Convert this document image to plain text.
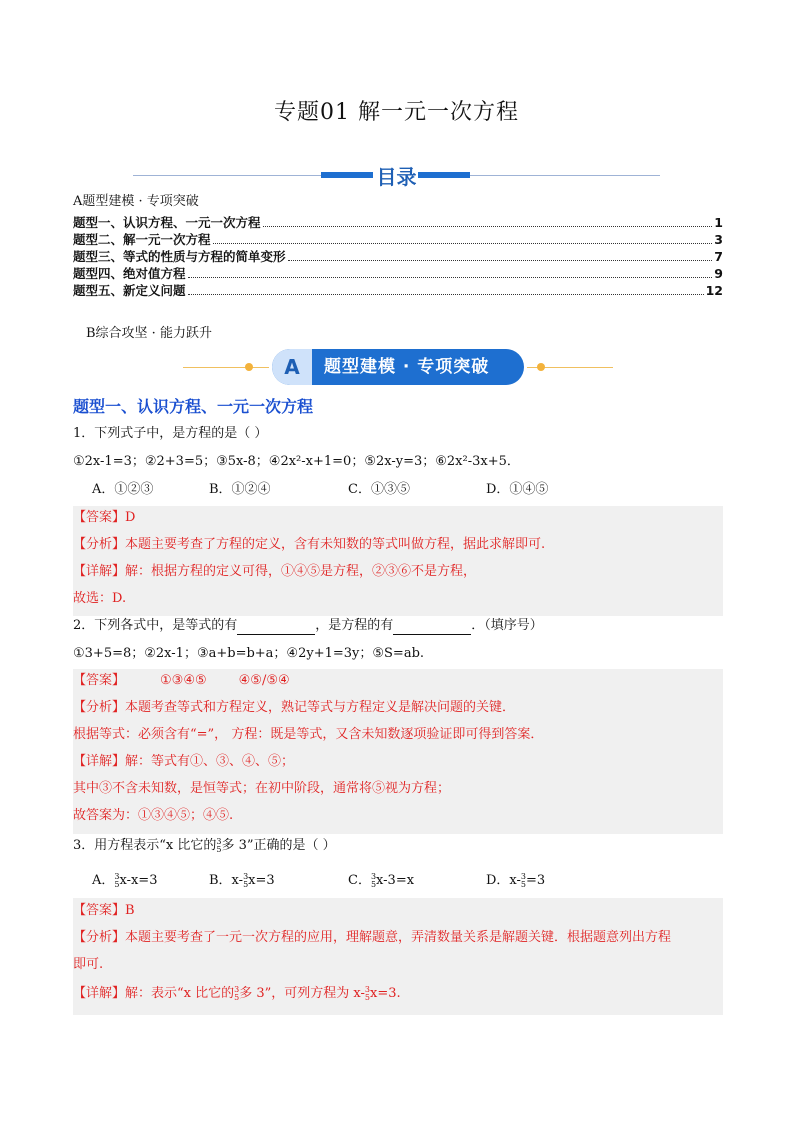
专题01 解一元一次方程
目录
A题型建模 · 专项突破
题型一、认识方程、一元一次方程	1
题型二、解一元一次方程	3
题型三、等式的性质与方程的简单变形	7
题型四、绝对值方程	9
题型五、新定义问题	12
B综合攻坚 · 能力跃升
A	题型建模 · 专项突破
题型一、认识方程、一元一次方程
1．下列式子中，是方程的是（ ）
①2x-1=3；②2+3=5；③5x-8；④2x²-x+1=0；⑤2x-y=3；⑥2x²-3x+5．
A．①②③	B．①②④	C．①③⑤	D．①④⑤
【答案】D
【分析】本题主要考查了方程的定义，含有未知数的等式叫做方程，据此求解即可.
【详解】解：根据方程的定义可得，①④⑤是方程，②③⑥不是方程，
故选：D.
2．下列各式中，是等式的有	，是方程的有	．（填序号）
①3+5=8；②2x-1；③a+b=b+a；④2y+1=3y；⑤S=ab.
【答案】	①③④⑤ ④⑤/⑤④
【分析】本题考查等式和方程定义，熟记等式与方程定义是解决问题的关键．
根据等式：必须含有“=”， 方程：既是等式，又含未知数逐项验证即可得到答案．
【详解】解：等式有①、③、④、⑤；
其中③不含未知数，是恒等式；在初中阶段，通常将⑤视为方程；
故答案为：①③④⑤；④⑤.
3．用方程表示“x 比它的 3
5 多 3”正确的是（ ）
A． 3
5 x-x=3	B．x- 3
5 x=3	C． 3
5 x-3=x	D．x- 3
5 =3
【答案】B
【分析】本题主要考查了一元一次方程的应用，理解题意，弄清数量关系是解题关键．根据题意列出方程
即可.
【详解】解：表示“x 比它的 3
5 多 3”，可列方程为 x- 3
5 x=3.
